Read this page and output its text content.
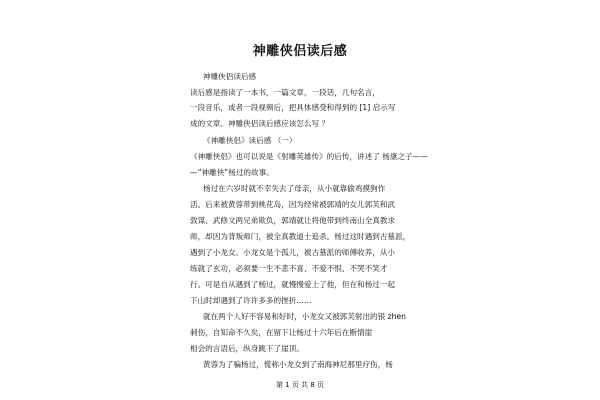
神雕侠侣读后感
神雕侠侣读后感
读后感是指读了一本书，一篇文章，一段话，几句名言，
一段音乐，或者一段视频后，把具体感受和得到的 [1] 启示写
成的文章。神雕侠侣读后感应该怎么写 ？
《神雕侠侣》读后感 （一）
《神雕侠侣》也可以说是《射雕英雄传》的后传，讲述了 杨康之子——
—“神雕侠”杨过的故事。
杨过在六岁时就不幸失去了母亲，从小就靠偷鸡摸狗作
活。后来被黄蓉带到桃花岛，因为经常被郭靖的女儿郭芙和武
敦谋、武修文两兄弟欺负，郭靖就让将他带到终南山全真教求
师，却因为背叛师门，被全真教道士追杀。杨过这时遇到古墓派，
遇到了小龙女。小龙女是个孤儿，被古墓派的师傅收养，从小
练就了玄功，必须要一生不悲不喜、不爱不恨、不哭不笑才
行。可是自从遇到了杨过，就慢慢爱上了他，但在和杨过一起
下山时却遇到了许许多多的挫折……
就在两个人好不容易和好时，小龙女又被郭芙射出的银 zhen
刺伤，自知命不久矣，在留下让杨过十六年后在断情崖
相会的言语后，纵身跳下了崖顶。
黄蓉为了骗杨过，慌称小龙女到了南海神尼那里疗伤，杨
第 1 页 共 8 页
